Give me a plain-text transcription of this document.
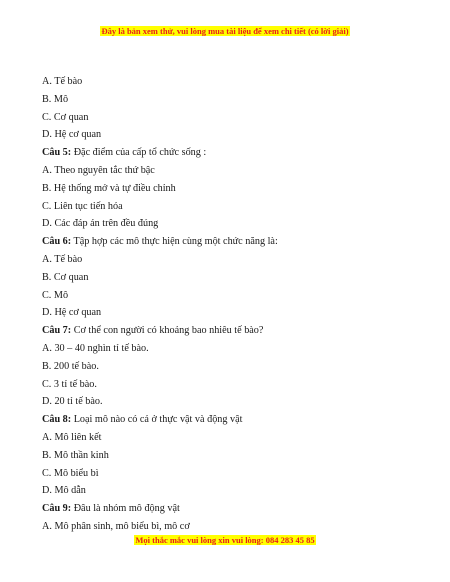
Đây là bản xem thử, vui lòng mua tài liệu để xem chi tiết (có lời giải)
A. Tế bào
B. Mô
C. Cơ quan
D. Hệ cơ quan
Câu 5: Đặc điểm của cấp tổ chức sống :
A. Theo nguyên tắc thứ bậc
B. Hệ thống mở và tự điều chỉnh
C. Liên tục tiến hóa
D. Các đáp án trên đều đúng
Câu 6: Tập hợp các mô thực hiện cùng một chức năng là:
A. Tế bào
B. Cơ quan
C. Mô
D. Hệ cơ quan
Câu 7: Cơ thể con người có khoảng bao nhiêu tế bào?
A. 30 – 40 nghìn tỉ tế bào.
B. 200 tế bào.
C. 3 tỉ tế bào.
D. 20 tỉ tế bào.
Câu 8: Loại mô nào có cả ở thực vật và động vật
A. Mô liên kết
B. Mô thần kinh
C. Mô biểu bì
D. Mô dẫn
Câu 9: Đâu là nhóm mô động vật
A. Mô phân sinh, mô biểu bì, mô cơ
Mọi thắc mắc vui lòng xin vui lòng: 084 283 45 85
